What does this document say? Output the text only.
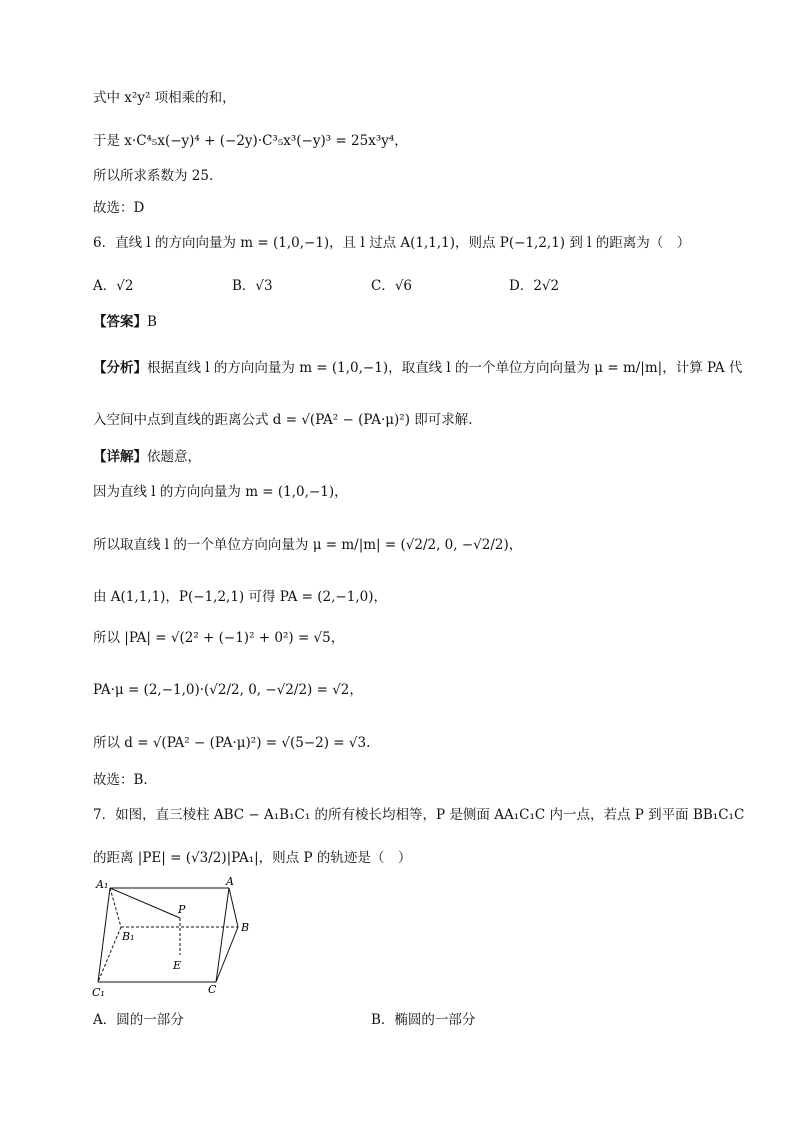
式中 x²y² 项相乘的和，
于是 x·C⁴₅x(−y)⁴ + (−2y)·C³₅x³(−y)³ = 25x³y⁴，
所以所求系数为 25.
故选：D
6．直线 l 的方向向量为 m = (1,0,−1)，且 l 过点 A(1,1,1)，则点 P(−1,2,1) 到 l 的距离为（　）
A．√2	B．√3	C．√6	D．2√2
【答案】B
【分析】根据直线 l 的方向向量为 m = (1,0,−1)，取直线 l 的一个单位方向向量为 μ = m/|m|，计算 PA 代
入空间中点到直线的距离公式 d = √(PA² − (PA·μ)²) 即可求解.
【详解】依题意，
因为直线 l 的方向向量为 m = (1,0,−1)，
所以取直线 l 的一个单位方向向量为 μ = m/|m| = (√2/2, 0, −√2/2)，
由 A(1,1,1)，P(−1,2,1) 可得 PA = (2,−1,0)，
所以 |PA| = √(2² + (−1)² + 0²) = √5，
PA·μ = (2,−1,0)·(√2/2, 0, −√2/2) = √2，
所以 d = √(PA² − (PA·μ)²) = √(5−2) = √3.
故选：B.
7．如图，直三棱柱 ABC − A₁B₁C₁ 的所有棱长均相等，P 是侧面 AA₁C₁C 内一点，若点 P 到平面 BB₁C₁C
的距离 |PE| = (√3/2)|PA₁|，则点 P 的轨迹是（　）
A₁	A
P
B₁
B
E
C₁	C
A．圆的一部分	B．椭圆的一部分
